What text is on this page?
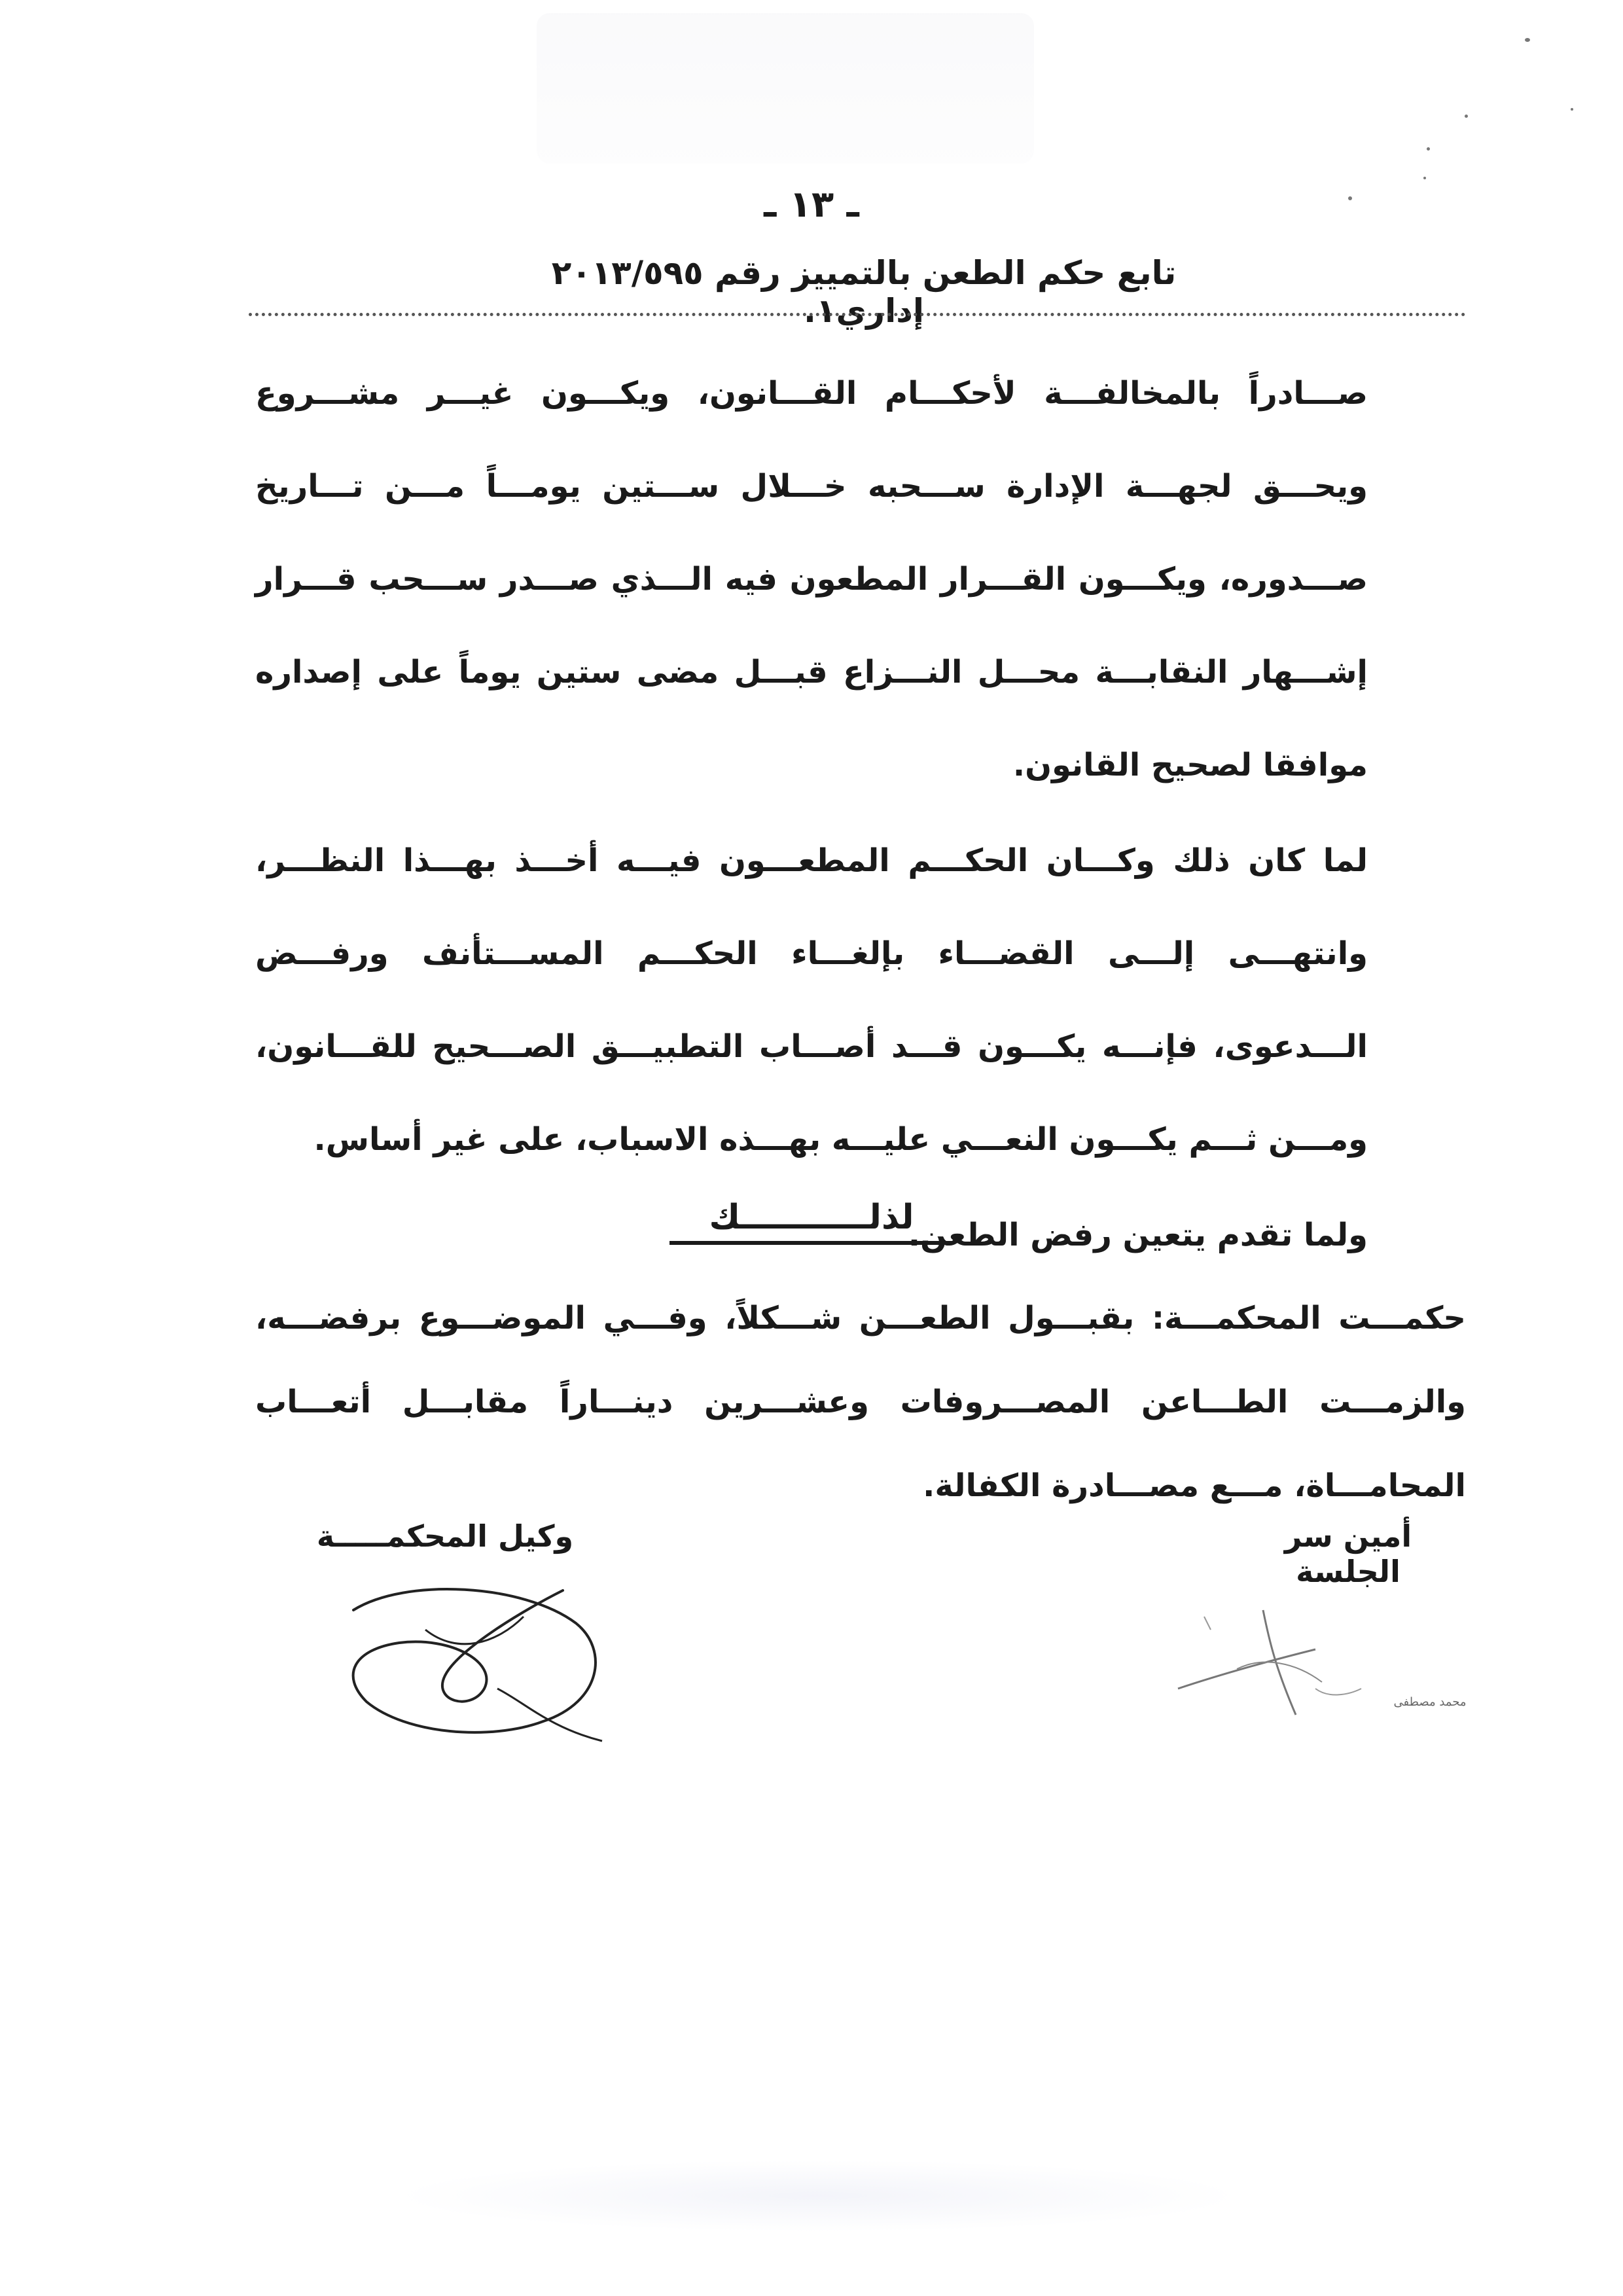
ـ ١٣ ـ
تابع حكم الطعن بالتمييز رقم ٢٠١٣/٥٩٥ إداري١.

صـــادراً بالمخالفـــة لأحكـــام القـــانون، ويكـــون غيـــر مشـــروع ويحـــق لجهـــة الإدارة ســـحبه خـــلال ســـتين يومـــاً مـــن تـــاريخ صـــدوره، ويكـــون القـــرار المطعون فيه الـــذي صـــدر ســـحب قـــرار إشـــهار النقابـــة محـــل النـــزاع قبـــل مضى ستين يوماً على إصداره موافقا لصحيح القانون.

لما كان ذلك وكـــان الحكـــم المطعـــون فيـــه أخـــذ بهـــذا النظـــر، وانتهـــى إلـــى القضـــاء بإلغـــاء الحكـــم المســـتأنف ورفـــض الـــدعوى، فإنـــه يكـــون قـــد أصـــاب التطبيـــق الصـــحيح للقـــانون، ومـــن ثـــم يكـــون النعـــي عليـــه بهـــذه الاسباب، على غير أساس.

ولما تقدم يتعين رفض الطعن.

لذلـــــــــــك

حكمـــت المحكمـــة: بقبـــول الطعـــن شـــكلاً، وفـــي الموضـــوع برفضـــه، والزمـــت الطـــاعن المصـــروفات وعشـــرين دينـــاراً مقابـــل أتعـــاب المحامـــاة، مـــع مصـــادرة الكفالة.

وكيل المحكمـــــة	أمين سر الجلسة
محمد مصطفى
